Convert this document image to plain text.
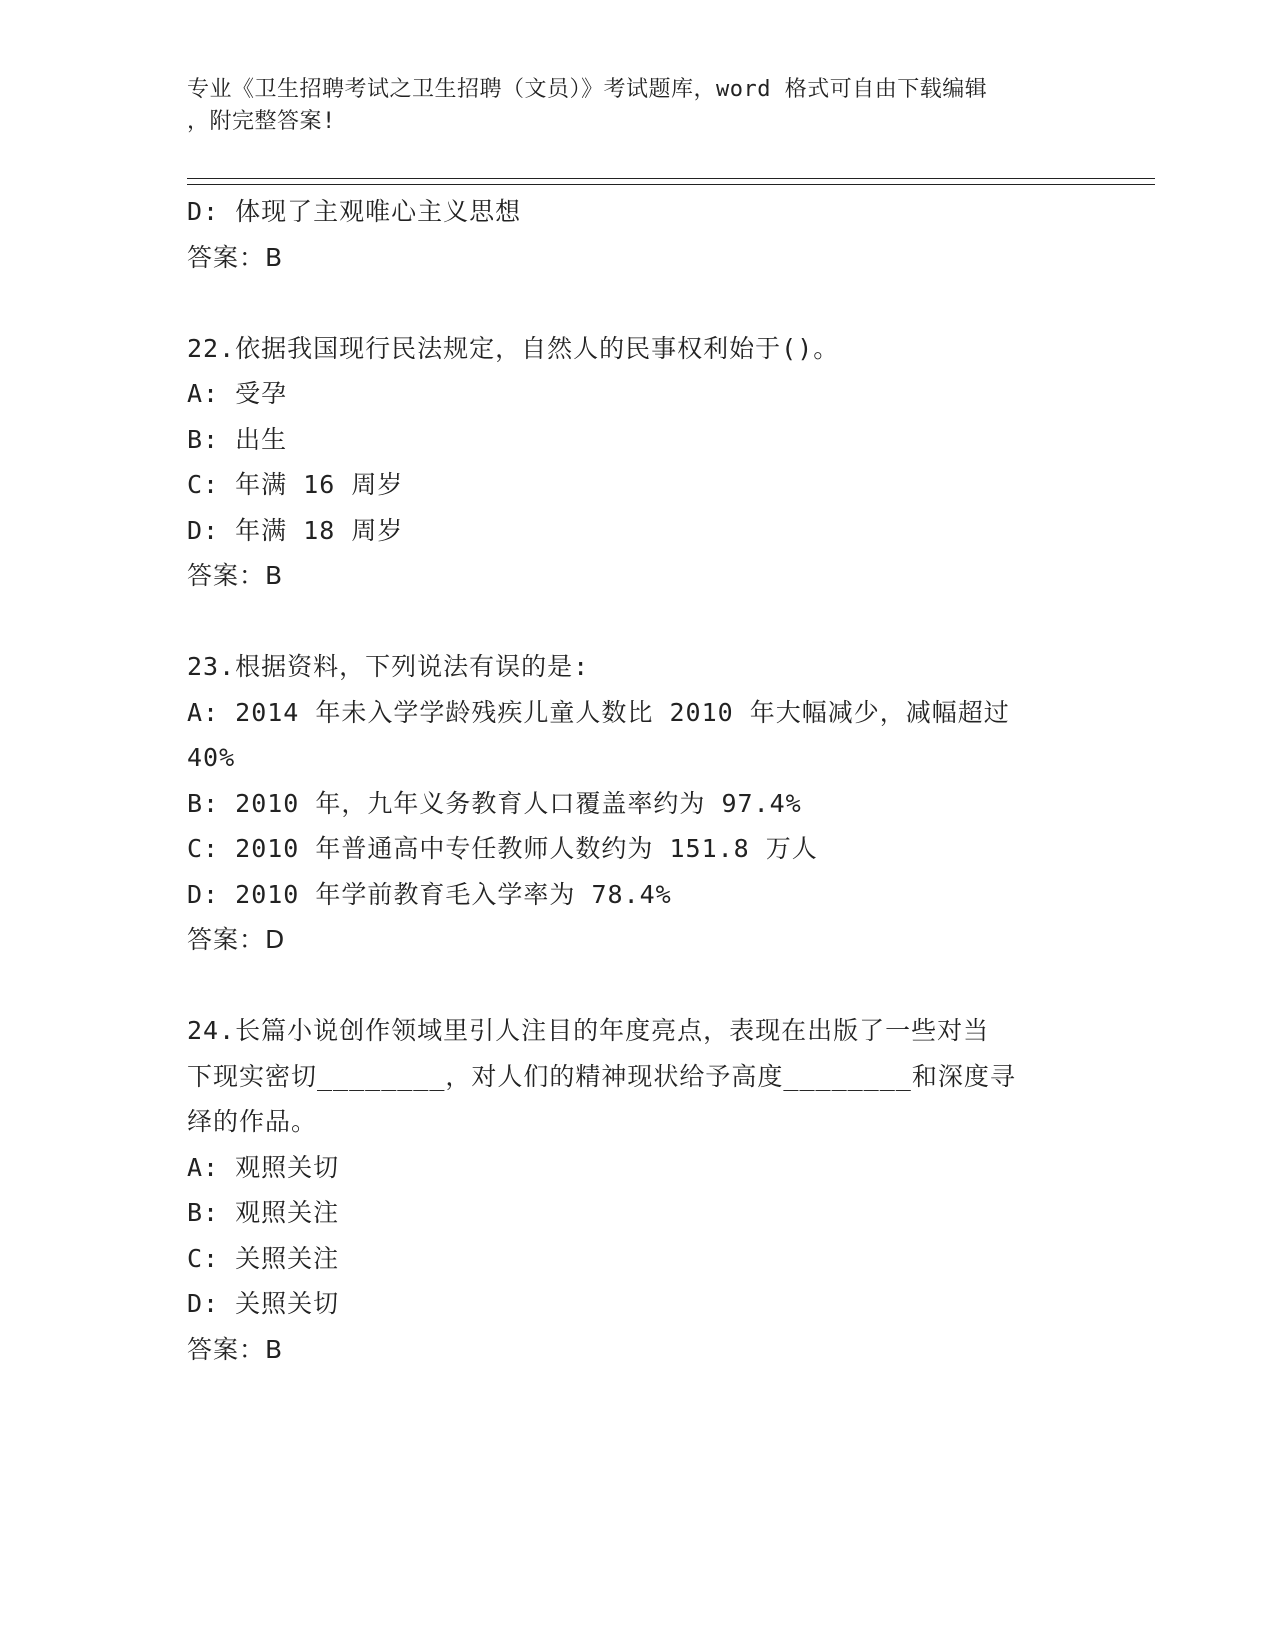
专业《卫生招聘考试之卫生招聘（文员）》考试题库，word 格式可自由下载编辑
，附完整答案!
D: 体现了主观唯心主义思想
答案：B
22.依据我国现行民法规定，自然人的民事权利始于()。
A: 受孕
B: 出生
C: 年满 16 周岁
D: 年满 18 周岁
答案：B
23.根据资料，下列说法有误的是:
A: 2014 年未入学学龄残疾儿童人数比 2010 年大幅减少，减幅超过
40%
B: 2010 年，九年义务教育人口覆盖率约为 97.4%
C: 2010 年普通高中专任教师人数约为 151.8 万人
D: 2010 年学前教育毛入学率为 78.4%
答案：D
24.长篇小说创作领域里引人注目的年度亮点，表现在出版了一些对当
下现实密切________，对人们的精神现状给予高度________和深度寻
绎的作品。
A: 观照关切
B: 观照关注
C: 关照关注
D: 关照关切
答案：B
